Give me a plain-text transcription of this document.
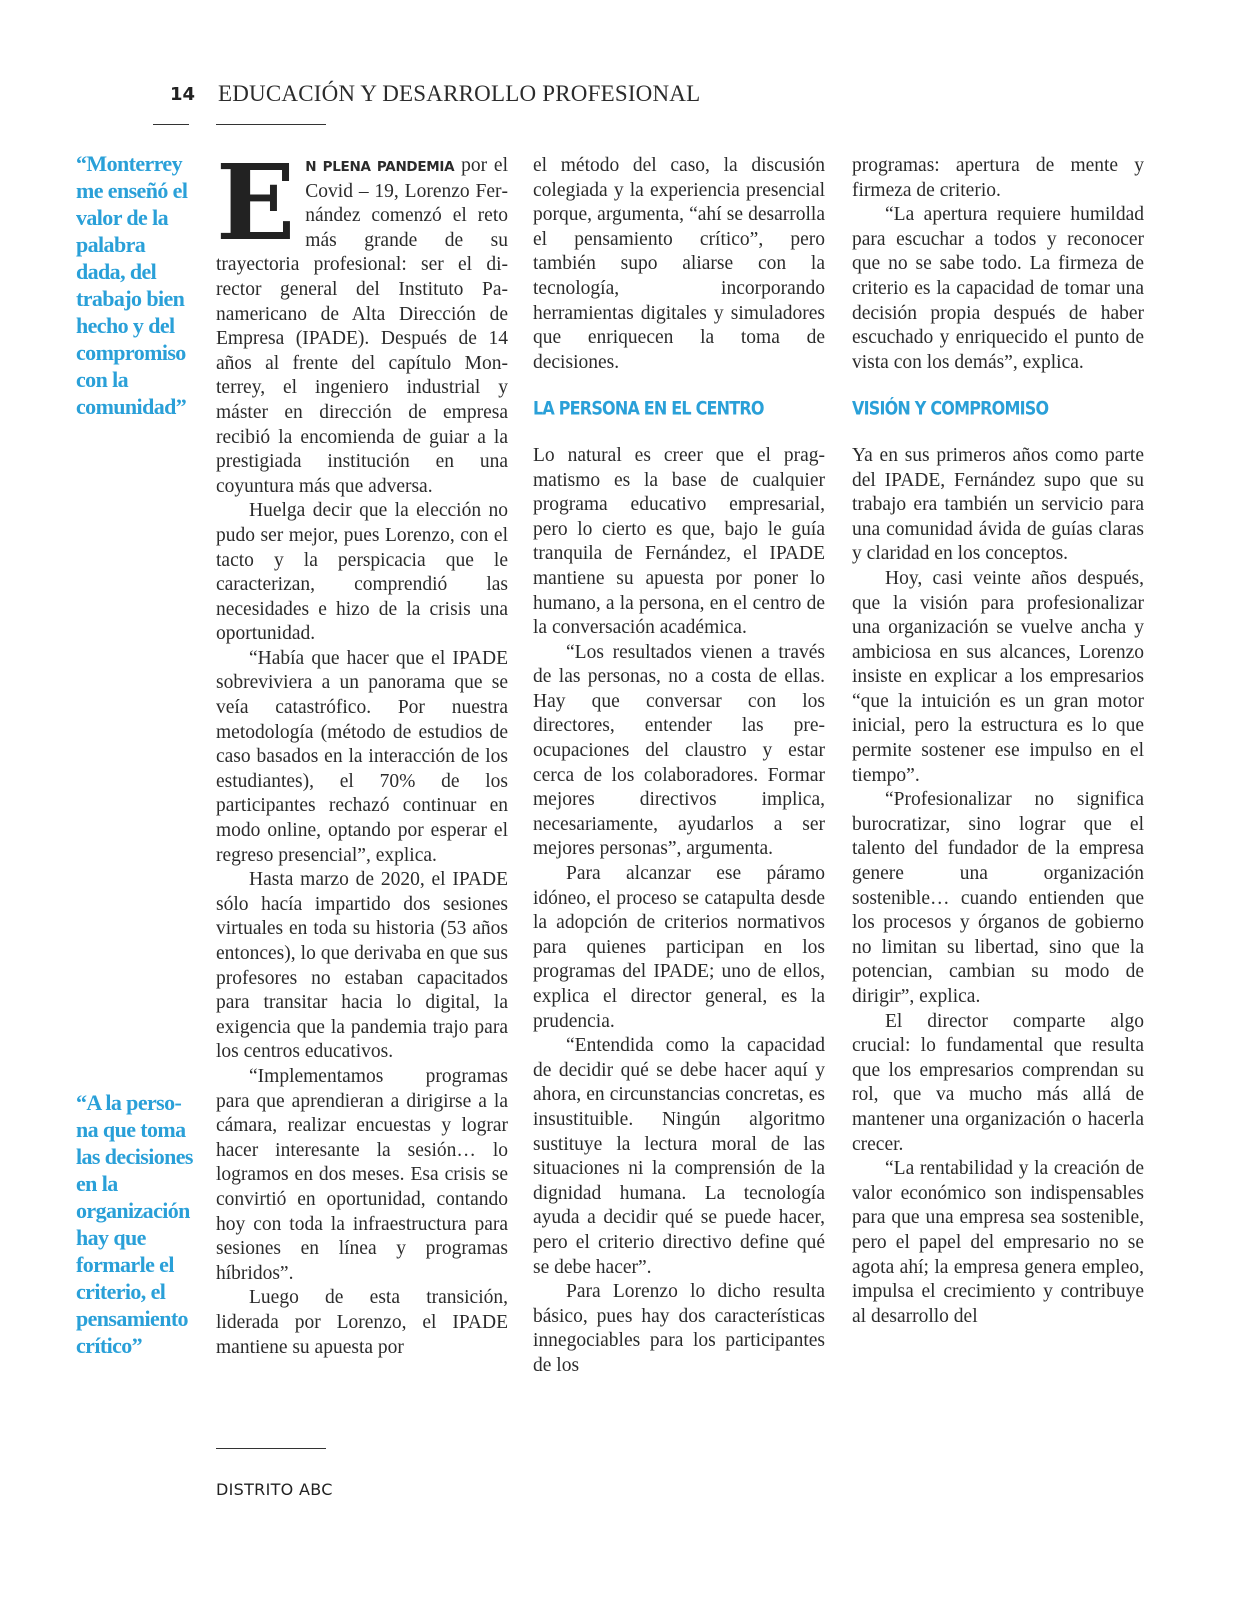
14 EDUCACIÓN Y DESARROLLO PROFESIONAL

“Monterrey me enseñó el valor de la palabra dada, del trabajo bien hecho y del compromiso con la comunidad”

“A la persona que toma las decisiones en la organización hay que formarle el criterio, el pensamiento crítico”

EN PLENA PANDEMIA por el Covid – 19, Lorenzo Fernández comenzó el reto más grande de su trayectoria profesional: ser el director general del Instituto Panamericano de Alta Dirección de Empresa (IPADE). Después de 14 años al frente del capítulo Monterrey, el ingeniero industrial y máster en dirección de empresa recibió la encomienda de guiar a la prestigiada institución en una coyuntura más que adversa.

Huelga decir que la elección no pudo ser mejor, pues Lorenzo, con el tacto y la perspicacia que le caracterizan, comprendió las necesidades e hizo de la crisis una oportunidad.

“Había que hacer que el IPADE sobreviviera a un panorama que se veía catastrófico. Por nuestra metodología (método de estudios de caso basados en la interacción de los estudiantes), el 70% de los participantes rechazó continuar en modo online, optando por esperar el regreso presencial”, explica.

Hasta marzo de 2020, el IPADE sólo hacía impartido dos sesiones virtuales en toda su historia (53 años entonces), lo que derivaba en que sus profesores no estaban capacitados para transitar hacia lo digital, la exigencia que la pandemia trajo para los centros educativos.

“Implementamos programas para que aprendieran a dirigirse a la cámara, realizar encuestas y lograr hacer interesante la sesión… lo logramos en dos meses. Esa crisis se convirtió en oportunidad, contando hoy con toda la infraestructura para sesiones en línea y programas híbridos”.

Luego de esta transición, liderada por Lorenzo, el IPADE mantiene su apuesta por

el método del caso, la discusión colegiada y la experiencia presencial porque, argumenta, “ahí se desarrolla el pensamiento crítico”, pero también supo aliarse con la tecnología, incorporando herramientas digitales y simuladores que enriquecen la toma de decisiones.

LA PERSONA EN EL CENTRO

Lo natural es creer que el pragmatismo es la base de cualquier programa educativo empresarial, pero lo cierto es que, bajo le guía tranquila de Fernández, el IPADE mantiene su apuesta por poner lo humano, a la persona, en el centro de la conversación académica.

“Los resultados vienen a través de las personas, no a costa de ellas. Hay que conversar con los directores, entender las preocupaciones del claustro y estar cerca de los colaboradores. Formar mejores directivos implica, necesariamente, ayudarlos a ser mejores personas”, argumenta.

Para alcanzar ese páramo idóneo, el proceso se catapulta desde la adopción de criterios normativos para quienes participan en los programas del IPADE; uno de ellos, explica el director general, es la prudencia.

“Entendida como la capacidad de decidir qué se debe hacer aquí y ahora, en circunstancias concretas, es insustituible. Ningún algoritmo sustituye la lectura moral de las situaciones ni la comprensión de la dignidad humana. La tecnología ayuda a decidir qué se puede hacer, pero el criterio directivo define qué se debe hacer”.

Para Lorenzo lo dicho resulta básico, pues hay dos características innegociables para los participantes de los

programas: apertura de mente y firmeza de criterio.

“La apertura requiere humildad para escuchar a todos y reconocer que no se sabe todo. La firmeza de criterio es la capacidad de tomar una decisión propia después de haber escuchado y enriquecido el punto de vista con los demás”, explica.

VISIÓN Y COMPROMISO

Ya en sus primeros años como parte del IPADE, Fernández supo que su trabajo era también un servicio para una comunidad ávida de guías claras y claridad en los conceptos.

Hoy, casi veinte años después, que la visión para profesionalizar una organización se vuelve ancha y ambiciosa en sus alcances, Lorenzo insiste en explicar a los empresarios “que la intuición es un gran motor inicial, pero la estructura es lo que permite sostener ese impulso en el tiempo”.

“Profesionalizar no significa burocratizar, sino lograr que el talento del fundador de la empresa genere una organización sostenible… cuando entienden que los procesos y órganos de gobierno no limitan su libertad, sino que la potencian, cambian su modo de dirigir”, explica.

El director comparte algo crucial: lo fundamental que resulta que los empresarios comprendan su rol, que va mucho más allá de mantener una organización o hacerla crecer.

“La rentabilidad y la creación de valor económico son indispensables para que una empresa sea sostenible, pero el papel del empresario no se agota ahí; la empresa genera empleo, impulsa el crecimiento y contribuye al desarrollo del

DISTRITO ABC
